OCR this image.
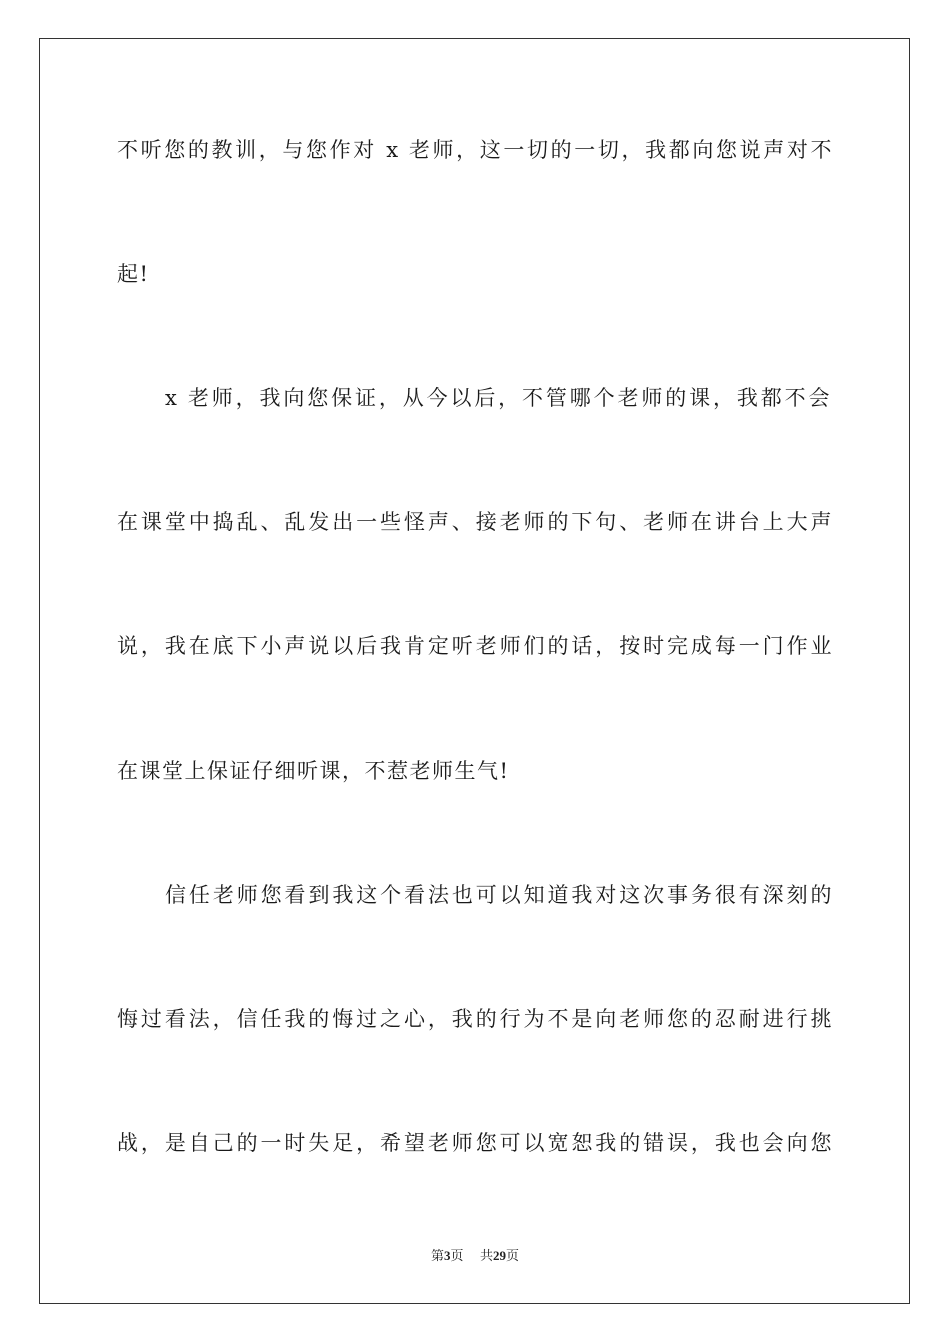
不听您的教训，与您作对 x 老师，这一切的一切，我都向您说声对不
起!
x 老师，我向您保证，从今以后，不管哪个老师的课，我都不会
在课堂中捣乱、乱发出一些怪声、接老师的下句、老师在讲台上大声
说，我在底下小声说以后我肯定听老师们的话，按时完成每一门作业
在课堂上保证仔细听课，不惹老师生气!
信任老师您看到我这个看法也可以知道我对这次事务很有深刻的
悔过看法，信任我的悔过之心，我的行为不是向老师您的忍耐进行挑
战，是自己的一时失足，希望老师您可以宽恕我的错误，我也会向您
第3页 共29页
